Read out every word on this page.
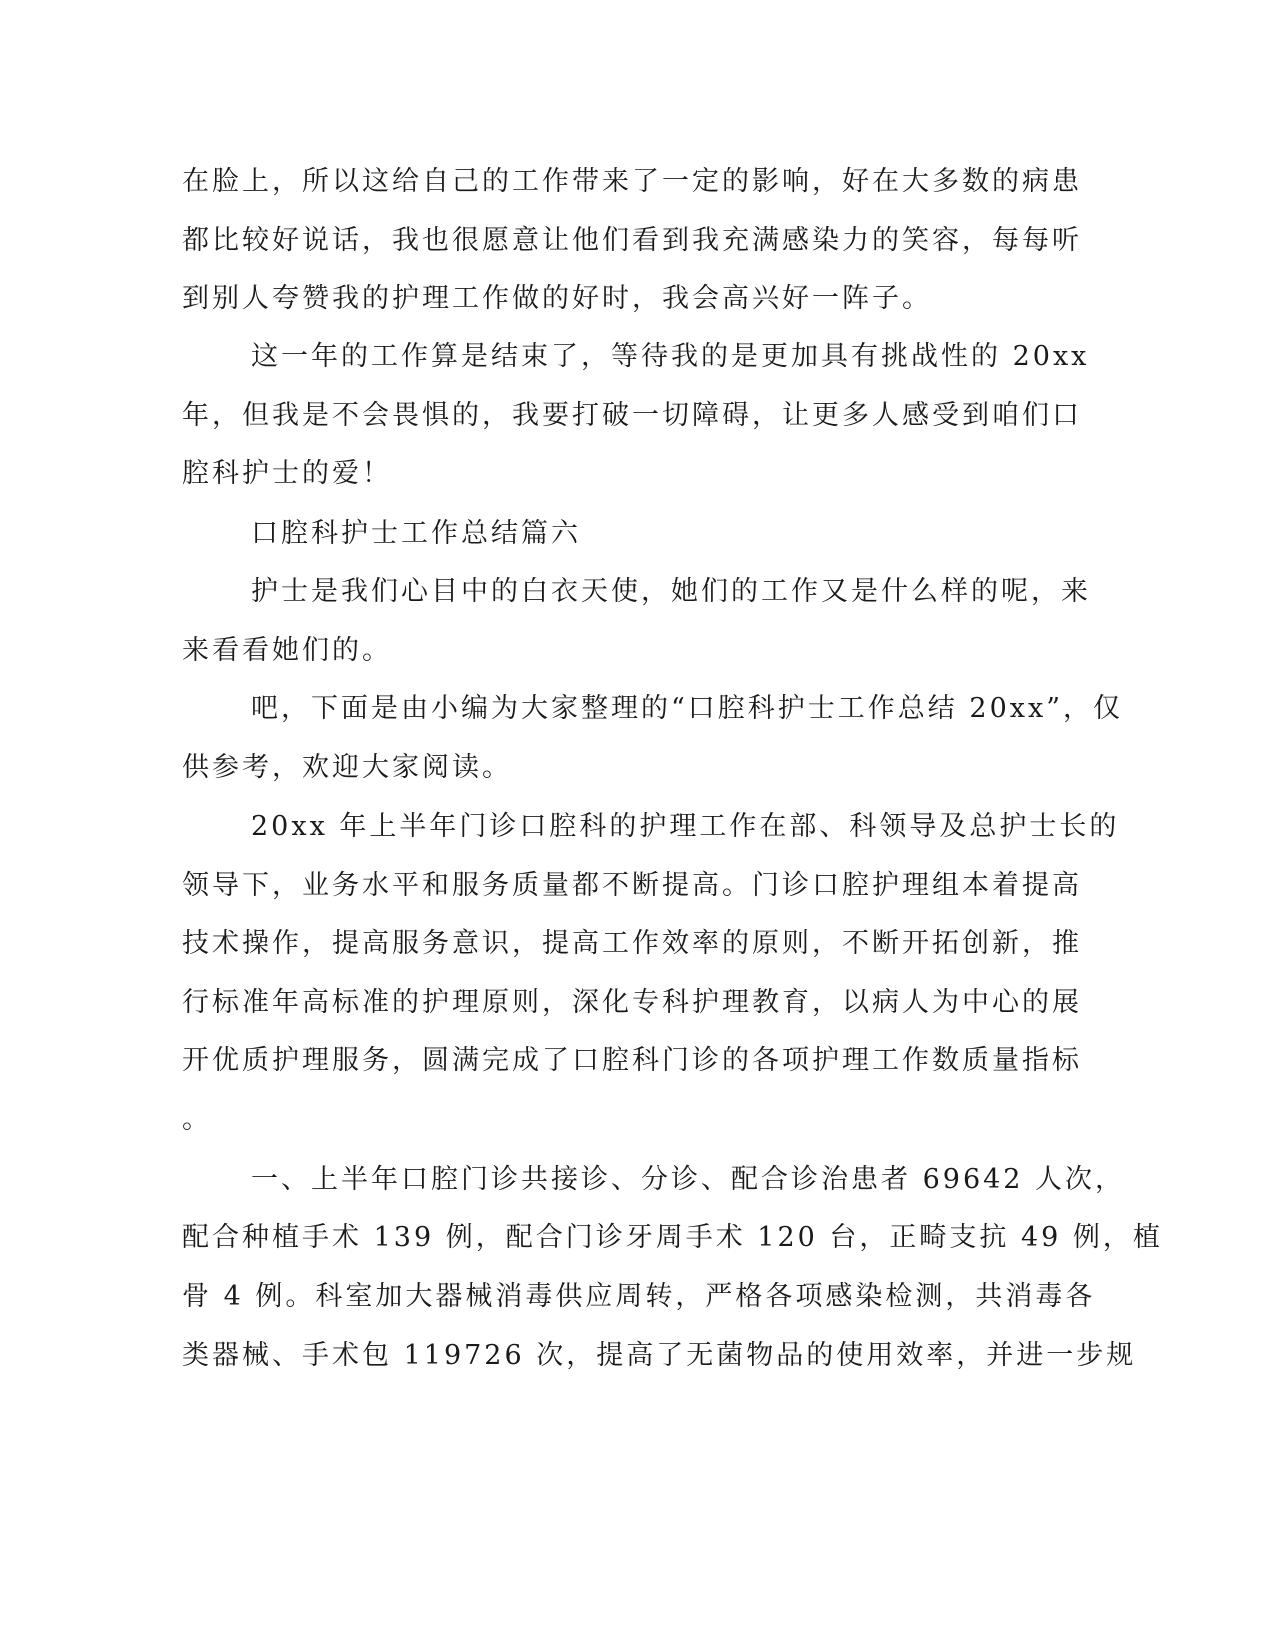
在脸上，所以这给自己的工作带来了一定的影响，好在大多数的病患

都比较好说话，我也很愿意让他们看到我充满感染力的笑容，每每听

到别人夸赞我的护理工作做的好时，我会高兴好一阵子。

这一年的工作算是结束了，等待我的是更加具有挑战性的 20xx

年，但我是不会畏惧的，我要打破一切障碍，让更多人感受到咱们口

腔科护士的爱！

口腔科护士工作总结篇六

护士是我们心目中的白衣天使，她们的工作又是什么样的呢，来

来看看她们的。

吧，下面是由小编为大家整理的“口腔科护士工作总结 20xx”，仅

供参考，欢迎大家阅读。

20xx 年上半年门诊口腔科的护理工作在部、科领导及总护士长的

领导下，业务水平和服务质量都不断提高。门诊口腔护理组本着提高

技术操作，提高服务意识，提高工作效率的原则，不断开拓创新，推

行标准年高标准的护理原则，深化专科护理教育，以病人为中心的展

开优质护理服务，圆满完成了口腔科门诊的各项护理工作数质量指标

。

一、上半年口腔门诊共接诊、分诊、配合诊治患者 69642 人次，

配合种植手术 139 例，配合门诊牙周手术 120 台，正畸支抗 49 例，植

骨 4 例。科室加大器械消毒供应周转，严格各项感染检测，共消毒各

类器械、手术包 119726 次，提高了无菌物品的使用效率，并进一步规
